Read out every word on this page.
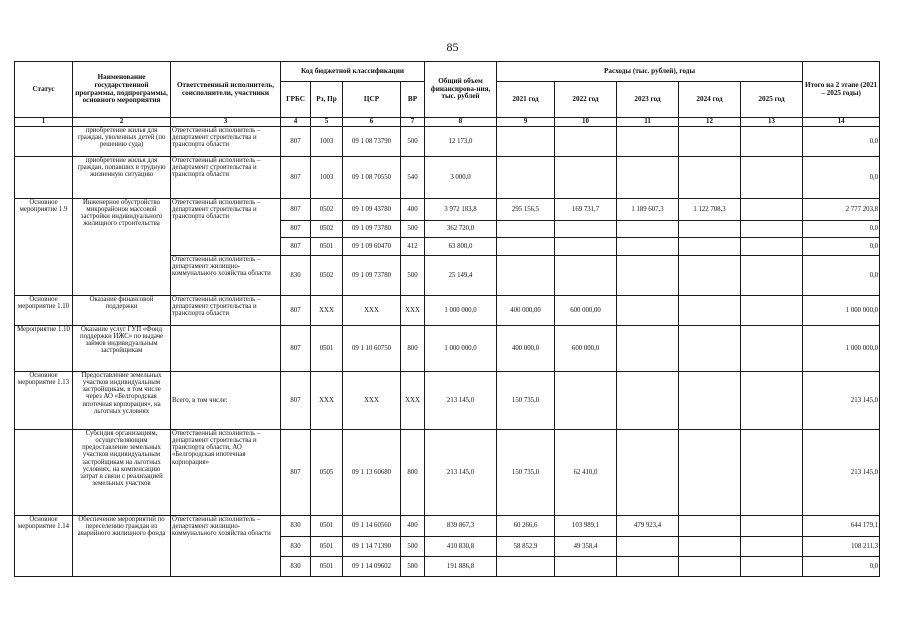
85
Статус	Наименование государственной программы, подпрограммы, основного мероприятия	Ответственный исполнитель, соисполнители, участники	Код бюджетной классификации				Общий объем финансирова-ния, тыс. рублей	Расходы (тыс. рублей), годы					Итого на 2 этапе (2021 – 2025 годы)
			ГРБС	Рз, Пр	ЦСР	ВР		2021 год	2022 год	2023 год	2024 год	2025 год	
1	2	3	4	5	6	7	8	9	10	11	12	13	14
	приобретение жилья для граждан, уволенных детей (по решению суда)	Ответственный исполнитель – департамент строительства и транспорта области	807	1003	09 1 08 73790	500	12 173,0						0,0
	приобретение жилья для граждан, попавших в трудную жизненную ситуацию	Ответственный исполнитель – департамент строительства и транспорта области	807	1003	09 1 08 70550	540	3 000,0						0,0
Основное мероприятие 1.9	Инженерное обустройство микрорайонов массовой застройки индивидуального жилищного строительства	Ответственный исполнитель – департамент строительства и транспорта области	807	0502	09 1 09 43780	400	3 972 183,8	295 156,5	169 731,7	1 189 607,3	1 122 708,3		2 777 203,8
			807	0502	09 1 09 73780	500	362 720,0						0,0
			807	0501	09 1 09 60470	412	63 800,0						0,0
		Ответственный исполнитель – департамент жилищно-коммунального хозяйства области	830	0502	09 1 09 73780	500	25 149,4						0,0
Основное мероприятие 1.10	Оказание финансовой поддержки	Ответственный исполнитель – департамент строительства и транспорта области	807	XXX	XXX	XXX	1 000 000,0	400 000,00	600 000,00				1 000 000,0
Мероприятие 1.10	Оказание услуг ГУП «Фонд поддержки ИЖС» по выдаче займов индивидуальным застройщикам		807	0501	09 1 10 60750	800	1 000 000,0	400 000,0	600 000,0				1 000 000,0
Основное мероприятие 1.13	Предоставление земельных участков индивидуальным застройщикам, в том числе через АО «Белгородская ипотечная корпорация», на льготных условиях	Всего, в том числе:	807	XXX	XXX	XXX	213 145,0	150 735,0					213 145,0
	Субсидия организациям, осуществляющим предоставление земельных участков индивидуальным застройщикам на льготных условиях, на компенсацию затрат в связи с реализацией земельных участков	Ответственный исполнитель – департамент строительства и транспорта области, АО «Белгородская ипотечная корпорация»	807	0505	09 1 13 60680	800	213 145,0	150 735,0	62 410,0				213 145,0
Основное мероприятие 1.14	Обеспечение мероприятий по переселению граждан из аварийного жилищного фонда	Ответственный исполнитель – департамент жилищно-коммунального хозяйства области	830	0501	09 1 14 60560	400	839 867,3	60 266,6	103 989,1	479 923,4			644 179,1
			830	0501	09 1 14 71390	500	410 830,8	58 852,9	49 358,4				108 211,3
			830	0501	09 1 14 09602	500	191 886,8						0,0
